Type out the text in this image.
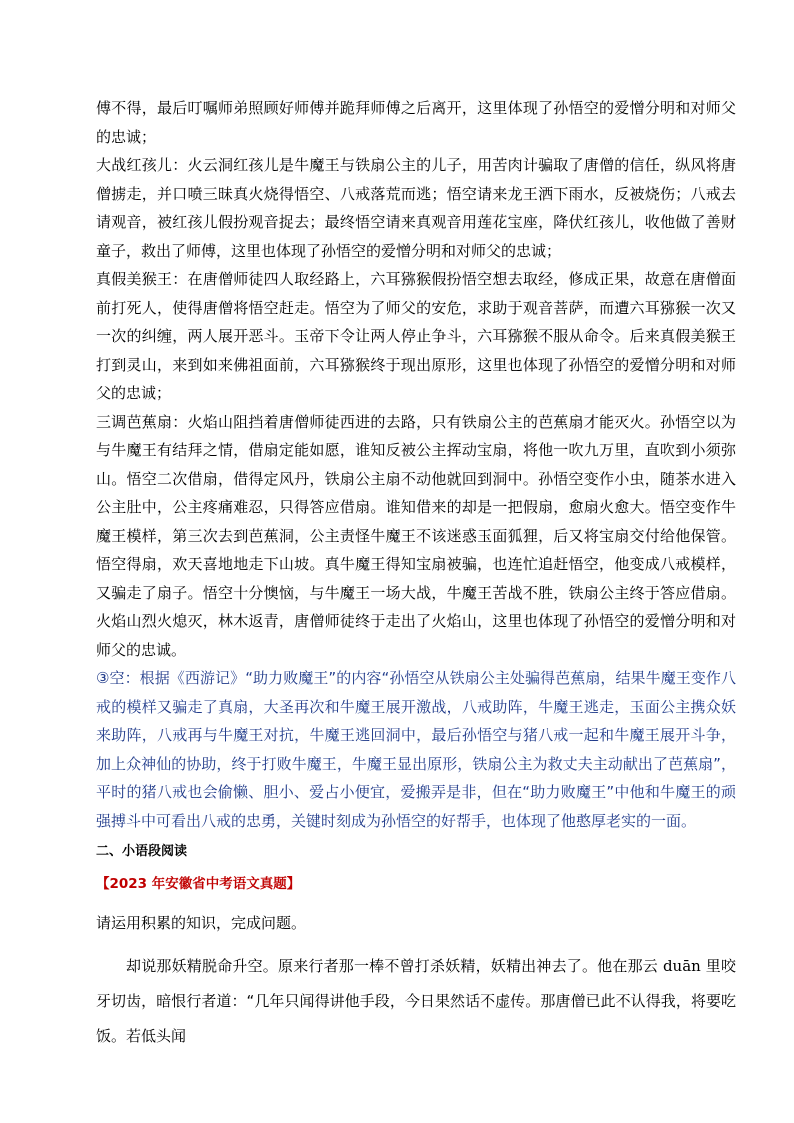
傅不得，最后叮嘱师弟照顾好师傅并跪拜师傅之后离开，这里体现了孙悟空的爱憎分明和对师父的忠诚；

大战红孩儿：火云洞红孩儿是牛魔王与铁扇公主的儿子，用苦肉计骗取了唐僧的信任，纵风将唐僧掳走，并口喷三昧真火烧得悟空、八戒落荒而逃；悟空请来龙王洒下雨水，反被烧伤；八戒去请观音，被红孩儿假扮观音捉去；最终悟空请来真观音用莲花宝座，降伏红孩儿，收他做了善财童子，救出了师傅，这里也体现了孙悟空的爱憎分明和对师父的忠诚；

真假美猴王：在唐僧师徒四人取经路上，六耳猕猴假扮悟空想去取经，修成正果，故意在唐僧面前打死人，使得唐僧将悟空赶走。悟空为了师父的安危，求助于观音菩萨，而遭六耳猕猴一次又一次的纠缠，两人展开恶斗。玉帝下令让两人停止争斗，六耳猕猴不服从命令。后来真假美猴王打到灵山，来到如来佛祖面前，六耳猕猴终于现出原形，这里也体现了孙悟空的爱憎分明和对师父的忠诚；

三调芭蕉扇：火焰山阻挡着唐僧师徒西进的去路，只有铁扇公主的芭蕉扇才能灭火。孙悟空以为与牛魔王有结拜之情，借扇定能如愿，谁知反被公主挥动宝扇，将他一吹九万里，直吹到小须弥山。悟空二次借扇，借得定风丹，铁扇公主扇不动他就回到洞中。孙悟空变作小虫，随茶水进入公主肚中，公主疼痛难忍，只得答应借扇。谁知借来的却是一把假扇，愈扇火愈大。悟空变作牛魔王模样，第三次去到芭蕉洞，公主责怪牛魔王不该迷惑玉面狐狸，后又将宝扇交付给他保管。悟空得扇，欢天喜地地走下山坡。真牛魔王得知宝扇被骗，也连忙追赶悟空，他变成八戒模样，又骗走了扇子。悟空十分懊恼，与牛魔王一场大战，牛魔王苦战不胜，铁扇公主终于答应借扇。火焰山烈火熄灭，林木返青，唐僧师徒终于走出了火焰山，这里也体现了孙悟空的爱憎分明和对师父的忠诚。

③空：根据《西游记》“助力败魔王”的内容“孙悟空从铁扇公主处骗得芭蕉扇，结果牛魔王变作八戒的模样又骗走了真扇，大圣再次和牛魔王展开激战，八戒助阵，牛魔王逃走，玉面公主携众妖来助阵，八戒再与牛魔王对抗，牛魔王逃回洞中，最后孙悟空与猪八戒一起和牛魔王展开斗争，加上众神仙的协助，终于打败牛魔王，牛魔王显出原形，铁扇公主为救丈夫主动献出了芭蕉扇”，平时的猪八戒也会偷懒、胆小、爱占小便宜，爱搬弄是非，但在“助力败魔王”中他和牛魔王的顽强搏斗中可看出八戒的忠勇，关键时刻成为孙悟空的好帮手，也体现了他憨厚老实的一面。

二、小语段阅读

【2023 年安徽省中考语文真题】

请运用积累的知识，完成问题。

却说那妖精脱命升空。原来行者那一棒不曾打杀妖精，妖精出神去了。他在那云 duān 里咬牙切齿，暗恨行者道：“几年只闻得讲他手段，今日果然话不虚传。那唐僧已此不认得我，将要吃饭。若低头闻
